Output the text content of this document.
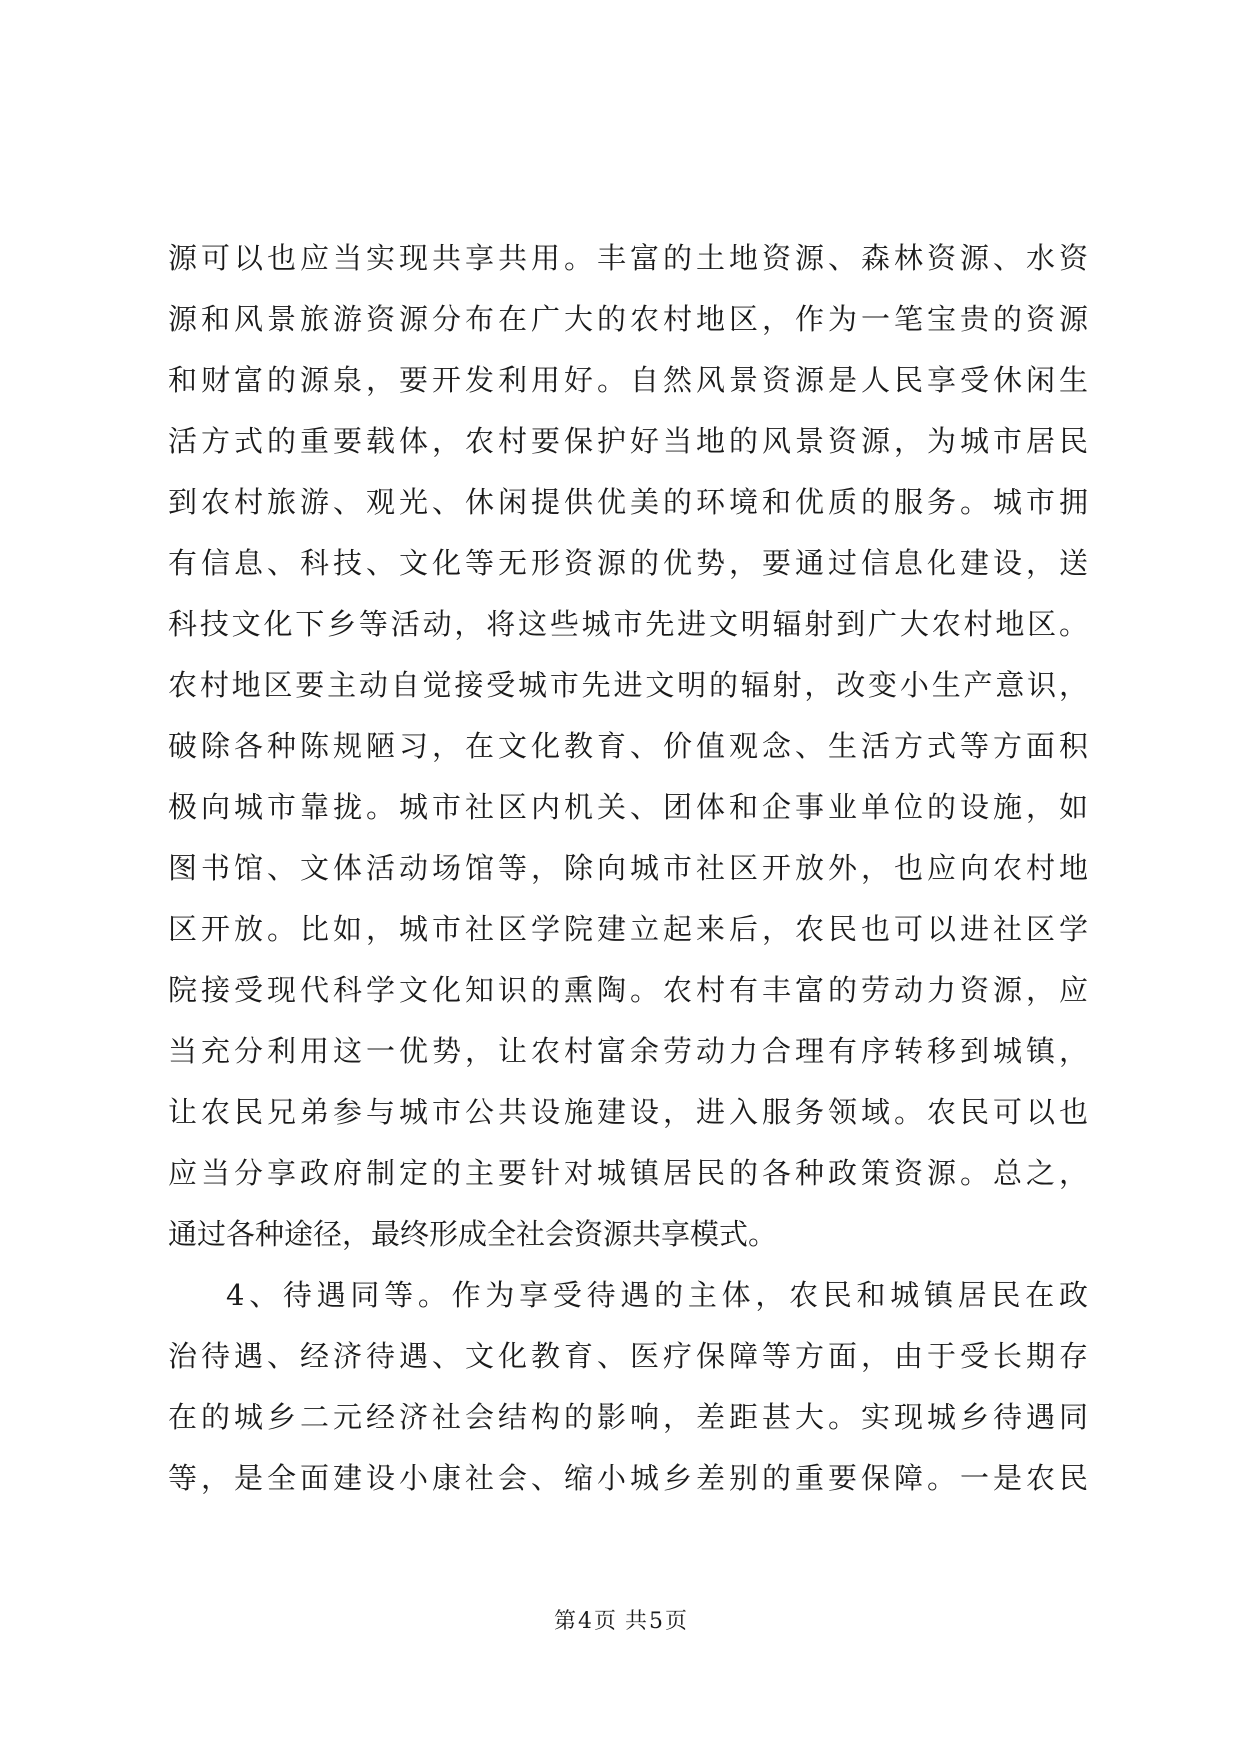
源可以也应当实现共享共用。丰富的土地资源、森林资源、水资
源和风景旅游资源分布在广大的农村地区，作为一笔宝贵的资源
和财富的源泉，要开发利用好。自然风景资源是人民享受休闲生
活方式的重要载体，农村要保护好当地的风景资源，为城市居民
到农村旅游、观光、休闲提供优美的环境和优质的服务。城市拥
有信息、科技、文化等无形资源的优势，要通过信息化建设，送
科技文化下乡等活动，将这些城市先进文明辐射到广大农村地区。
农村地区要主动自觉接受城市先进文明的辐射，改变小生产意识，
破除各种陈规陋习，在文化教育、价值观念、生活方式等方面积
极向城市靠拢。城市社区内机关、团体和企事业单位的设施，如
图书馆、文体活动场馆等，除向城市社区开放外，也应向农村地
区开放。比如，城市社区学院建立起来后，农民也可以进社区学
院接受现代科学文化知识的熏陶。农村有丰富的劳动力资源，应
当充分利用这一优势，让农村富余劳动力合理有序转移到城镇，
让农民兄弟参与城市公共设施建设，进入服务领域。农民可以也
应当分享政府制定的主要针对城镇居民的各种政策资源。总之，
通过各种途径，最终形成全社会资源共享模式。
4、待遇同等。作为享受待遇的主体，农民和城镇居民在政
治待遇、经济待遇、文化教育、医疗保障等方面，由于受长期存
在的城乡二元经济社会结构的影响，差距甚大。实现城乡待遇同
等，是全面建设小康社会、缩小城乡差别的重要保障。一是农民
第4页 共5页
